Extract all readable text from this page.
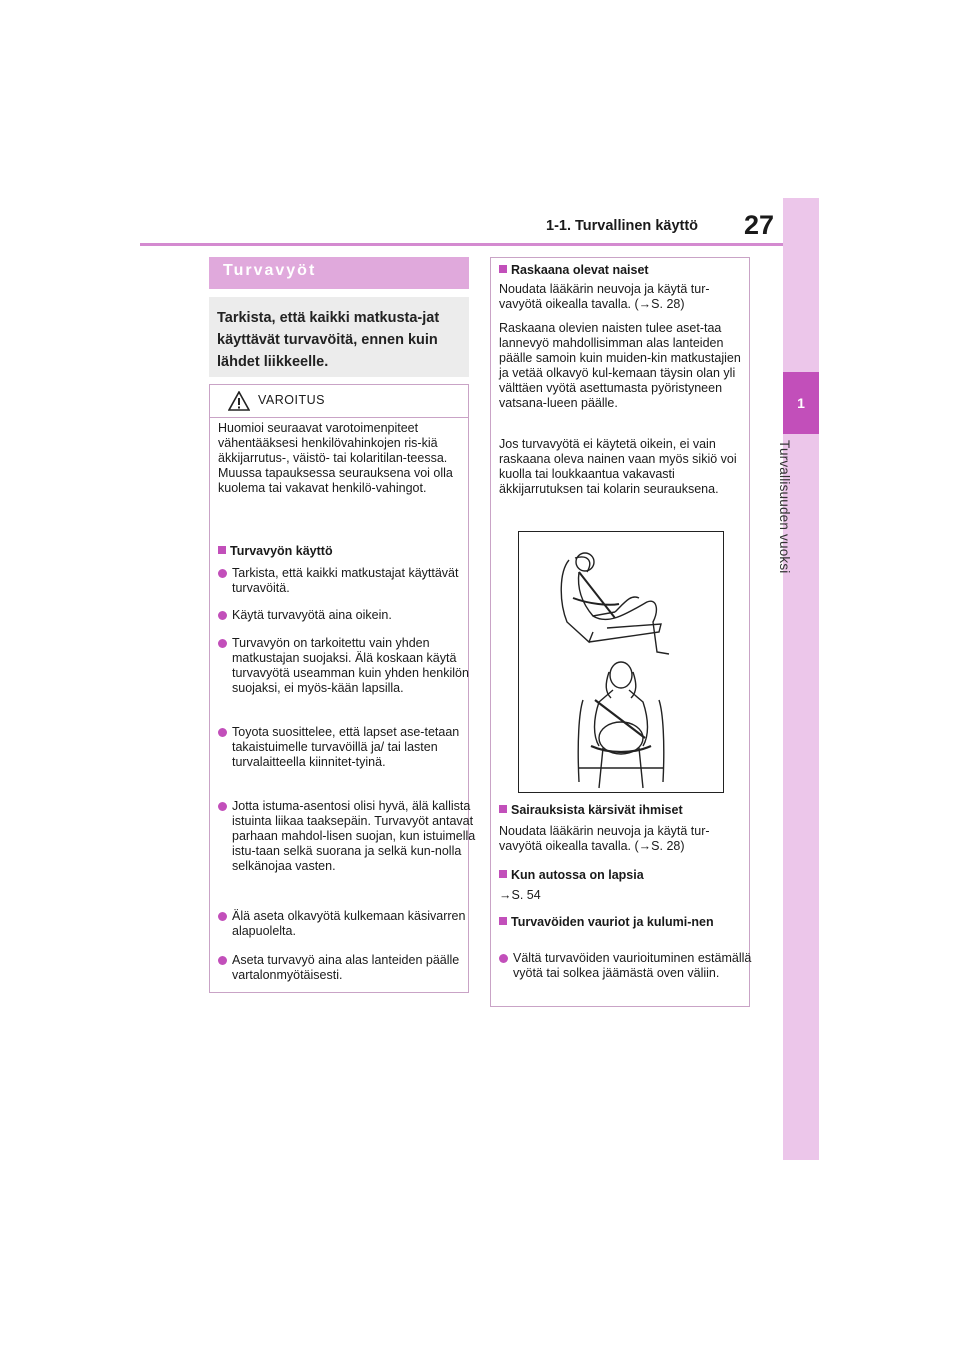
1-1. Turvallinen käyttö 27
1
Turvallisuuden vuoksi
Turvavyöt

Tarkista, että kaikki matkusta-jat käyttävät turvavöitä, ennen kuin lähdet liikkeelle.

VAROITUS

Huomioi seuraavat varotoimenpiteet vähentääksesi henkilövahinkojen ris-kiä äkkijarrutus-, väistö- tai kolaritilan-teessa.

Muussa tapauksessa seurauksena voi olla kuolema tai vakavat henkilö-vahingot.

Turvavyön käyttö
Tarkista, että kaikki matkustajat käyttävät turvavöitä.
Käytä turvavyötä aina oikein.
Turvavyön on tarkoitettu vain yhden matkustajan suojaksi. Älä koskaan käytä turvavyötä useamman kuin yhden henkilön suojaksi, ei myös-kään lapsilla.
Toyota suosittelee, että lapset ase-tetaan takaistuimelle turvavöillä ja/ tai lasten turvalaitteella kiinnitet-tyinä.
Jotta istuma-asentosi olisi hyvä, älä kallista istuinta liikaa taaksepäin. Turvavyöt antavat parhaan mahdol-lisen suojan, kun istuimella istu-taan selkä suorana ja selkä kun-nolla selkänojaa vasten.
Älä aseta olkavyötä kulkemaan käsivarren alapuolelta.
Aseta turvavyö aina alas lanteiden päälle vartalonmyötäisesti.
Raskaana olevat naiset

Noudata lääkärin neuvoja ja käytä tur-vavyötä oikealla tavalla. (→S. 28)

Raskaana olevien naisten tulee aset-taa lannevyö mahdollisimman alas lanteiden päälle samoin kuin muiden-kin matkustajien ja vetää olkavyö kul-kemaan täysin olan yli välttäen vyötä asettumasta pyöristyneen vatsana-lueen päälle.

Jos turvavyötä ei käytetä oikein, ei vain raskaana oleva nainen vaan myös sikiö voi kuolla tai loukkaantua vakavasti äkkijarrutuksen tai kolarin seurauksena.

Sairauksista kärsivät ihmiset

Noudata lääkärin neuvoja ja käytä tur-vavyötä oikealla tavalla. (→S. 28)

Kun autossa on lapsia

→S. 54

Turvavöiden vauriot ja kulumi-nen
Vältä turvavöiden vaurioituminen estämällä vyötä tai solkea jäämästä oven väliin.
